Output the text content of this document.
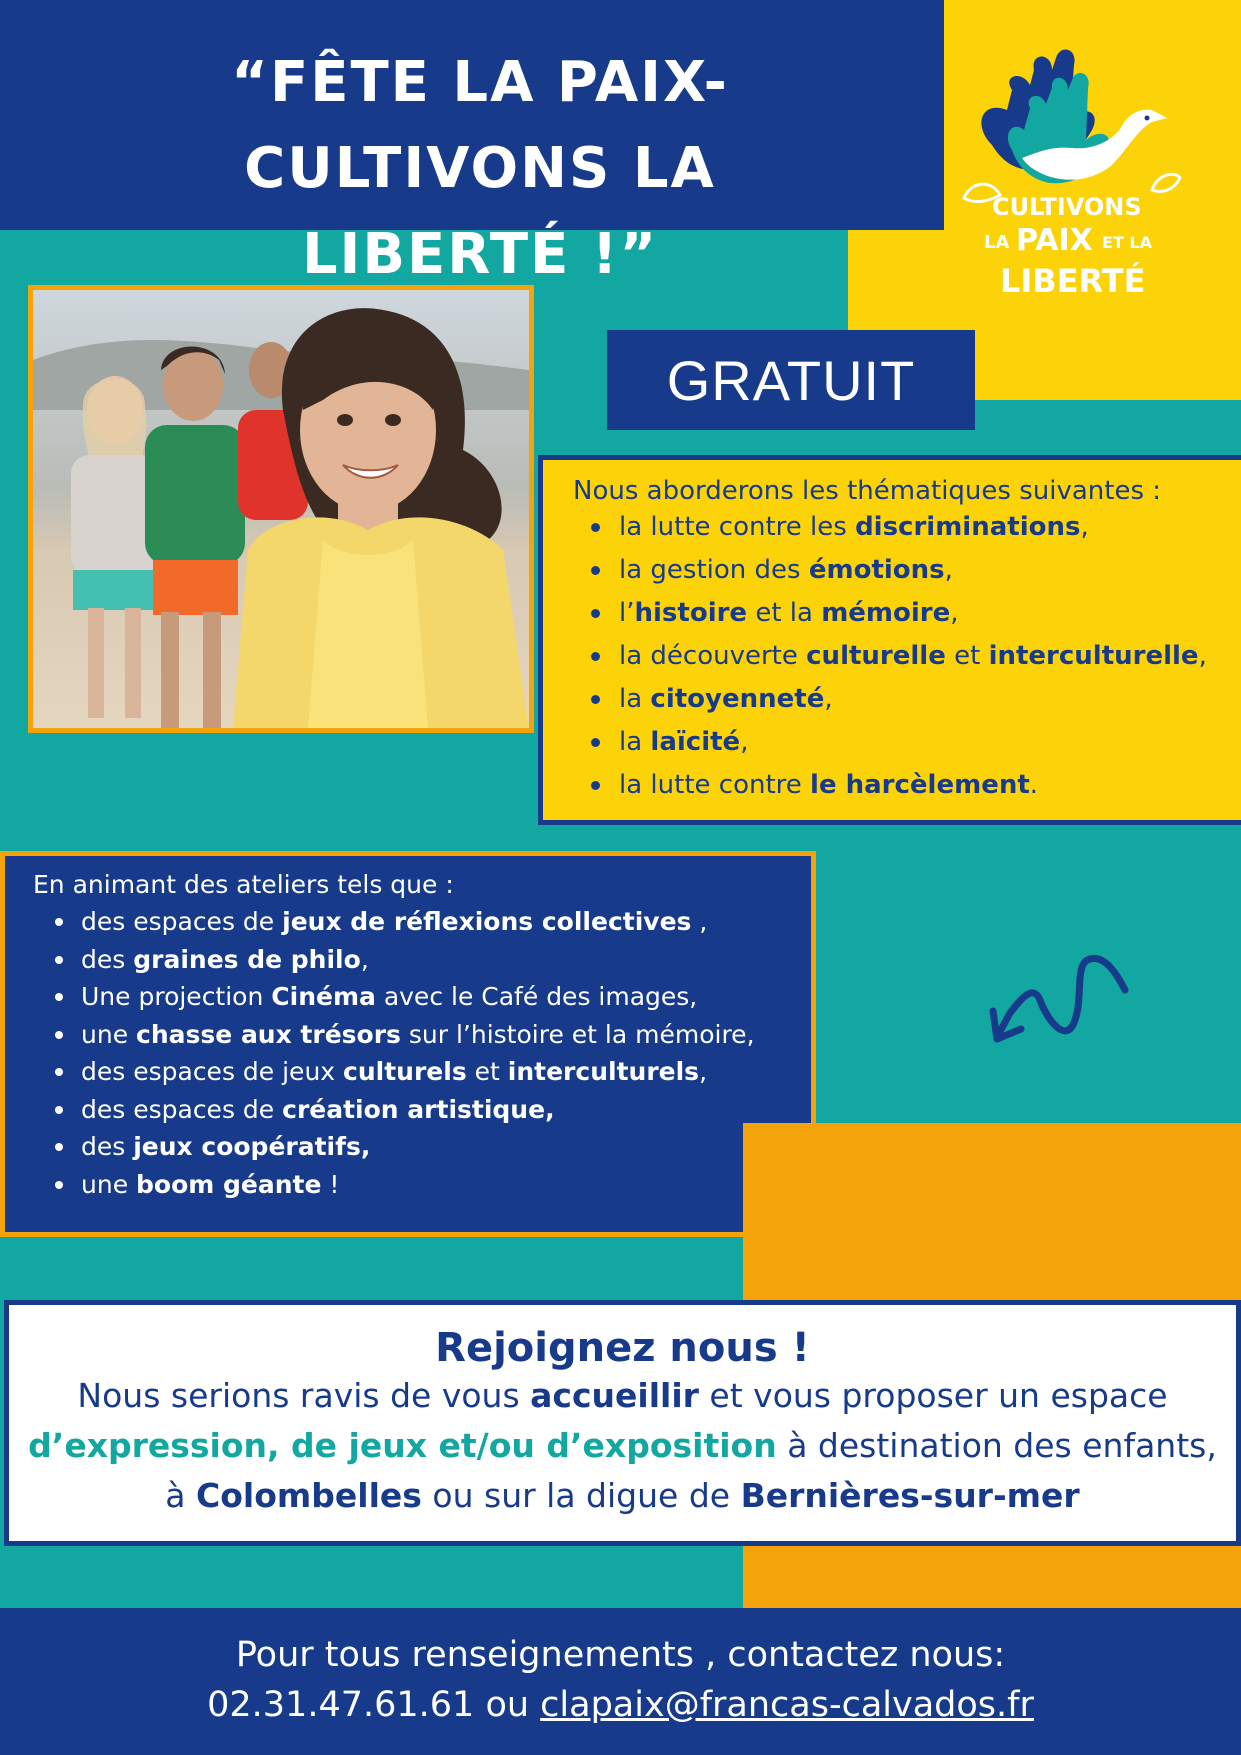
“FÊTE LA PAIX- CULTIVONS LA
LIBERTÉ !”
CULTIVONS
LA PAIX ET LA
LIBERTÉ
GRATUIT
Nous aborderons les thématiques suivantes :
la lutte contre les discriminations,
la gestion des émotions,
l’histoire et la mémoire,
la découverte culturelle et interculturelle,
la citoyenneté,
la laïcité,
la lutte contre le harcèlement.
En animant des ateliers tels que :
des espaces de jeux de réflexions collectives ,
des graines de philo,
Une projection Cinéma avec le Café des images,
une chasse aux trésors sur l’histoire et la mémoire,
des espaces de jeux culturels et interculturels,
des espaces de création artistique,
des jeux coopératifs,
une boom géante !
Rejoignez nous !
Nous serions ravis de vous accueillir et vous proposer un espace
d’expression, de jeux et/ou d’exposition à destination des enfants,
à Colombelles ou sur la digue de Bernières-sur-mer
Pour tous renseignements , contactez nous:
02.31.47.61.61 ou clapaix@francas-calvados.fr
